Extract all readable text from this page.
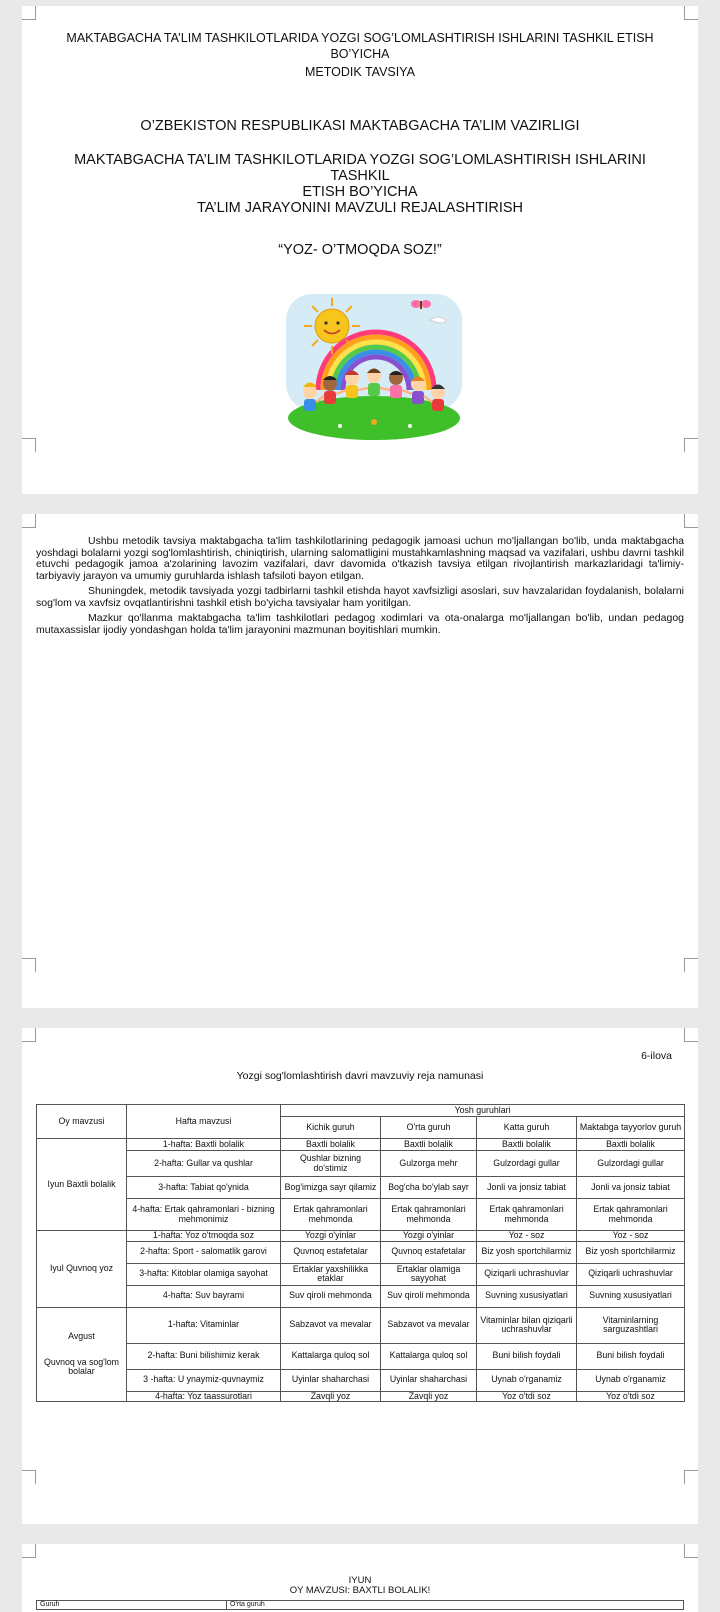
MAKTABGACHA TA’LIM TASHKILOTLARIDA YOZGI SOG’LOMLASHTIRISH ISHLARINI TASHKIL ETISH
BO’YICHA
METODIK TAVSIYA
O’ZBEKISTON RESPUBLIKASI MAKTABGACHA TA’LIM VAZIRLIGI
MAKTABGACHA TA’LIM TASHKILOTLARIDA YOZGI SOG’LOMLASHTIRISH ISHLARINI
TASHKIL
ETISH BO’YICHA
TA’LIM JARAYONINI MAVZULI REJALASHTIRISH
“YOZ- O’TMOQDA SOZ!”

Ushbu metodik tavsiya maktabgacha ta'lim tashkilotlarining pedagogik jamoasi uchun mo'ljallangan bo'lib, unda maktabgacha yoshdagi bolalarni yozgi sog'lomlashtirish, chiniqtirish, ularning salomatligini mustahkamlashning maqsad va vazifalari, ushbu davrni tashkil etuvchi pedagogik jamoa a'zolarining lavozim vazifalari, davr davomida o'tkazish tavsiya etilgan rivojlantirish markazlaridagi ta'limiy-tarbiyaviy jarayon va umumiy guruhlarda ishlash tafsiloti bayon etilgan.

Shuningdek, metodik tavsiyada yozgi tadbirlarni tashkil etishda hayot xavfsizligi asoslari, suv havzalaridan foydalanish, bolalarni sog'lom va xavfsiz ovqatlantirishni tashkil etish bo'yicha tavsiyalar ham yoritilgan.

Mazkur qo'llanma maktabgacha ta'lim tashkilotlari pedagog xodimlari va ota-onalarga mo'ljallangan bo'lib, undan pedagog mutaxassislar ijodiy yondashgan holda ta'lim jarayonini mazmunan boyitishlari mumkin.

6-ilova
Yozgi sog'lomlashtirish davri mavzuviy reja namunasi
Oy mavzusi	Hafta mavzusi	Yosh guruhlari			
		Kichik guruh	O'rta guruh	Katta guruh	Maktabga tayyorlov guruh
Iyun Baxtli bolalik	1-hafta: Baxtli bolalik	Baxtli bolalik	Baxtli bolalik	Baxtli bolalik	Baxtli bolalik
	2-hafta: Gullar va qushlar	Qushlar bizning do'stimiz	Gulzorga mehr	Gulzordagi gullar	Gulzordagi gullar
	3-hafta: Tabiat qo'ynida	Bog'imizga sayr qilamiz	Bog'cha bo'ylab sayr	Jonli va jonsiz tabiat	Jonli va jonsiz tabiat
	4-hafta: Ertak qahramonlari - bizning mehmonimiz	Ertak qahramonlari mehmonda	Ertak qahramonlari mehmonda	Ertak qahramonlari mehmonda	Ertak qahramonlari mehmonda
Iyul Quvnoq yoz	1-hafta: Yoz o'tmoqda soz	Yozgi o'yinlar	Yozgi o'yinlar	Yoz - soz	Yoz - soz
	2-hafta: Sport - salomatlik garovi	Quvnoq estafetalar	Quvnoq estafetalar	Biz yosh sportchilarmiz	Biz yosh sportchilarmiz
	3-hafta: Kitoblar olamiga sayohat	Ertaklar yaxshilikka etaklar	Ertaklar olamiga sayyohat	Qiziqarli uchrashuvlar	Qiziqarli uchrashuvlar
	4-hafta: Suv bayrami	Suv qiroli mehmonda	Suv qiroli mehmonda	Suvning xususiyatlari	Suvning xususiyatlari

Avgust
Quvnoq va sog'lom bolalar	1-hafta: Vitaminlar	Sabzavot va mevalar	Sabzavot va mevalar	Vitaminlar bilan qiziqarli uchrashuvlar	Vitaminlarning sarguzashtlari
	2-hafta: Buni bilishimiz kerak	Kattalarga quloq sol	Kattalarga quloq sol	Buni bilish foydali	Buni bilish foydali
	3 -hafta: U ynaymiz-quvnaymiz	Uyinlar shaharchasi	Uyinlar shaharchasi	Uynab o'rganamiz	Uynab o'rganamiz
	4-hafta: Yoz taassurotlari	Zavqli yoz	Zavqli yoz	Yoz o'tdi soz	Yoz o'tdi soz
IYUN
OY MAVZUSI: BAXTLI BOLALIK!
Guruh	O'rta guruh
